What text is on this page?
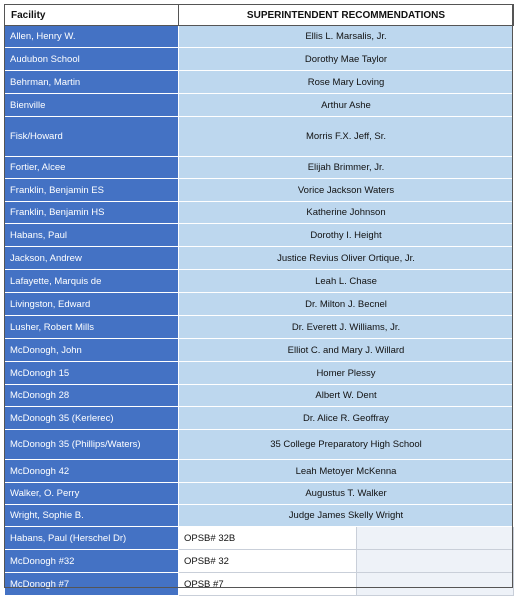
Facility	SUPERINTENDENT RECOMMENDATIONS	
Allen, Henry W.	Ellis L. Marsalis, Jr.	
Audubon School	Dorothy Mae Taylor	
Behrman, Martin	Rose Mary Loving	
Bienville	Arthur Ashe	
Fisk/Howard	Morris F.X. Jeff, Sr.	
Fortier, Alcee	Elijah Brimmer, Jr.	
Franklin, Benjamin ES	Vorice Jackson Waters	
Franklin, Benjamin HS	Katherine Johnson	
Habans, Paul	Dorothy I. Height	
Jackson, Andrew	Justice Revius Oliver Ortique, Jr.	
Lafayette, Marquis de	Leah L. Chase	
Livingston, Edward	Dr. Milton J. Becnel	
Lusher, Robert Mills	Dr. Everett J. Williams, Jr.	
McDonogh, John	Elliot C. and Mary J. Willard	
McDonogh 15	Homer Plessy	
McDonogh 28	Albert W. Dent	
McDonogh 35 (Kerlerec)	Dr. Alice R. Geoffray	
McDonogh 35 (Phillips/Waters)	35 College Preparatory High School	
McDonogh 42	Leah Metoyer McKenna	
Walker, O. Perry	Augustus T. Walker	
Wright, Sophie B.	Judge James Skelly Wright	
Habans, Paul (Herschel Dr)	OPSB# 32B	
McDonogh #32	OPSB# 32	
McDonogh #7	OPSB #7	
